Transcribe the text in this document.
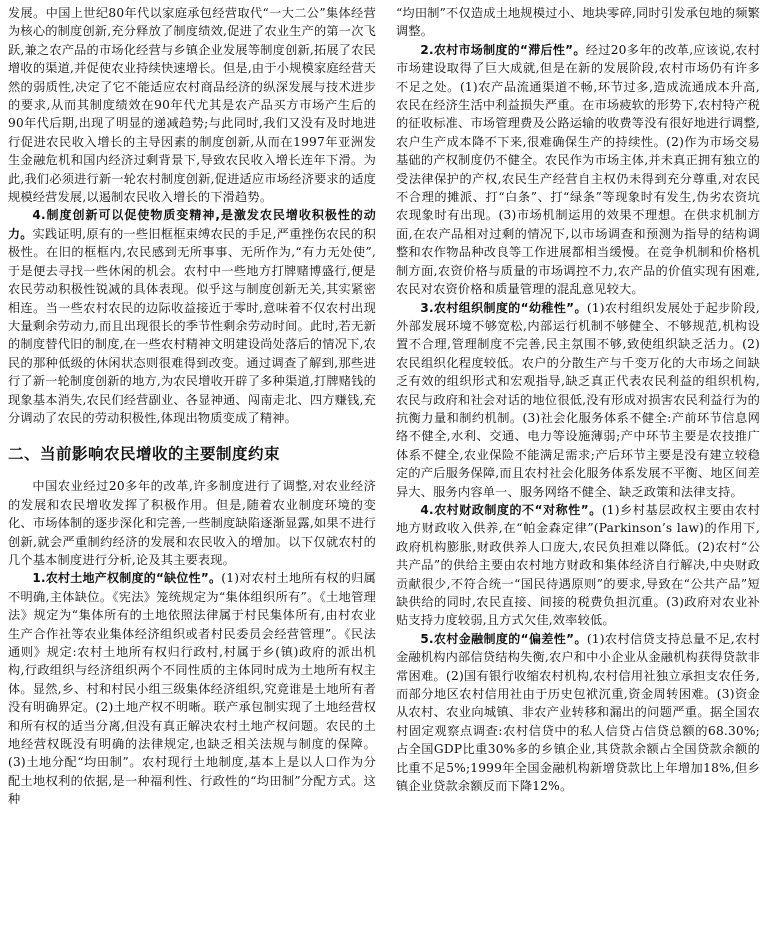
发展。中国上世纪80年代以家庭承包经营取代“一大二公”集体经营为核心的制度创新,充分释放了制度绩效,促进了农业生产的第一次飞跃,兼之农产品的市场化经营与乡镇企业发展等制度创新,拓展了农民增收的渠道,并促使农业持续快速增长。但是,由于小规模家庭经营天然的弱质性,决定了它不能适应农村商品经济的纵深发展与技术进步的要求,从而其制度绩效在90年代尤其是农产品买方市场产生后的90年代后期,出现了明显的递减趋势;与此同时,我们又没有及时地进行促进农民收入增长的主导因素的制度创新,从而在1997年亚洲发生金融危机和国内经济过剩背景下,导致农民收入增长连年下滑。为此,我们必须进行新一轮农村制度创新,促进适应市场经济要求的适度规模经营发展,以遏制农民收入增长的下滑趋势。

4.制度创新可以促使物质变精神,是激发农民增收积极性的动力。实践证明,原有的一些旧框框束缚农民的手足,严重挫伤农民的积极性。在旧的框框内,农民感到无所事事、无所作为,“有力无处使”,于是便去寻找一些休闲的机会。农村中一些地方打牌赌博盛行,便是农民劳动积极性锐减的具体表现。似乎这与制度创新无关,其实紧密相连。当一些农村农民的边际收益接近于零时,意味着不仅农村出现大量剩余劳动力,而且出现很长的季节性剩余劳动时间。此时,若无新的制度替代旧的制度,在一些农村精神文明建设尚处落后的情况下,农民的那种低级的休闲状态则很难得到改变。通过调查了解到,那些进行了新一轮制度创新的地方,为农民增收开辟了多种渠道,打牌赌钱的现象基本消失,农民们经营副业、各显神通、闯南走北、四方赚钱,充分调动了农民的劳动积极性,体现出物质变成了精神。

二、当前影响农民增收的主要制度约束

中国农业经过20多年的改革,许多制度进行了调整,对农业经济的发展和农民增收发挥了积极作用。但是,随着农业制度环境的变化、市场体制的逐步深化和完善,一些制度缺陷逐渐显露,如果不进行创新,就会严重制约经济的发展和农民收入的增加。以下仅就农村的几个基本制度进行分析,论及其主要表现。

1.农村土地产权制度的“缺位性”。(1)对农村土地所有权的归属不明确,主体缺位。《宪法》笼统规定为“集体组织所有”。《土地管理法》规定为“集体所有的土地依照法律属于村民集体所有,由村农业生产合作社等农业集体经济组织或者村民委员会经营管理”。《民法通则》规定:农村土地所有权归行政村,村属于乡(镇)政府的派出机构,行政组织与经济组织两个不同性质的主体同时成为土地所有权主体。显然,乡、村和村民小组三级集体经济组织,究竟谁是土地所有者没有明确界定。(2)土地产权不明晰。联产承包制实现了土地经营权和所有权的适当分离,但没有真正解决农村土地产权问题。农民的土地经营权既没有明确的法律规定,也缺乏相关法规与制度的保障。(3)土地分配“均田制”。农村现行土地制度,基本上是以人口作为分配土地权利的依据,是一种福利性、行政性的“均田制”分配方式。这种

“均田制”不仅造成土地规模过小、地块零碎,同时引发承包地的频繁调整。

2.农村市场制度的“滞后性”。经过20多年的改革,应该说,农村市场建设取得了巨大成就,但是在新的发展阶段,农村市场仍有许多不足之处。(1)农产品流通渠道不畅,环节过多,造成流通成本升高,农民在经济生活中利益损失严重。在市场疲软的形势下,农村特产税的征收标准、市场管理费及公路运输的收费等没有很好地进行调整,农户生产成本降不下来,很难确保生产的持续性。(2)作为市场交易基础的产权制度仍不健全。农民作为市场主体,并未真正拥有独立的受法律保护的产权,农民生产经营自主权仍未得到充分尊重,对农民不合理的摊派、打“白条”、打“绿条”等现象时有发生,伪劣农资坑农现象时有出现。(3)市场机制运用的效果不理想。在供求机制方面,在农产品相对过剩的情况下,以市场调查和预测为指导的结构调整和农作物品种改良等工作进展都相当缓慢。在竞争机制和价格机制方面,农资价格与质量的市场调控不力,农产品的价值实现有困难,农民对农资价格和质量管理的混乱意见较大。

3.农村组织制度的“幼稚性”。(1)农村组织发展处于起步阶段,外部发展环境不够宽松,内部运行机制不够健全、不够规范,机构设置不合理,管理制度不完善,民主氛围不够,致使组织缺乏活力。(2)农民组织化程度较低。农户的分散生产与千变万化的大市场之间缺乏有效的组织形式和宏观指导,缺乏真正代表农民利益的组织机构,农民与政府和社会对话的地位很低,没有形成对损害农民利益行为的抗衡力量和制约机制。(3)社会化服务体系不健全:产前环节信息网络不健全,水利、交通、电力等设施薄弱;产中环节主要是农技推广体系不健全,农业保险不能满足需求;产后环节主要是没有建立较稳定的产后服务保障,而且农村社会化服务体系发展不平衡、地区间差异大、服务内容单一、服务网络不健全、缺乏政策和法律支持。

4.农村财政制度的不“对称性”。(1)乡村基层政权主要由农村地方财政收入供养,在“帕金森定律”(Parkinson’s law)的作用下,政府机构膨胀,财政供养人口庞大,农民负担难以降低。(2)农村“公共产品”的供给主要由农村地方财政和集体经济自行解决,中央财政贡献很少,不符合统一“国民待遇原则”的要求,导致在“公共产品”短缺供给的同时,农民直接、间接的税费负担沉重。(3)政府对农业补贴支持力度较弱,且方式欠佳,效率较低。

5.农村金融制度的“偏差性”。(1)农村信贷支持总量不足,农村金融机构内部信贷结构失衡,农户和中小企业从金融机构获得贷款非常困难。(2)国有银行收缩农村机构,农村信用社独立承担支农任务,而部分地区农村信用社由于历史包袱沉重,资金周转困难。(3)资金从农村、农业向城镇、非农产业转移和漏出的问题严重。据全国农村固定观察点调查:农村信贷中的私人信贷占信贷总额的68.30%;占全国GDP比重30%多的乡镇企业,其贷款余额占全国贷款余额的比重不足5%;1999年全国金融机构新增贷款比上年增加18%,但乡镇企业贷款余额反而下降12%。
